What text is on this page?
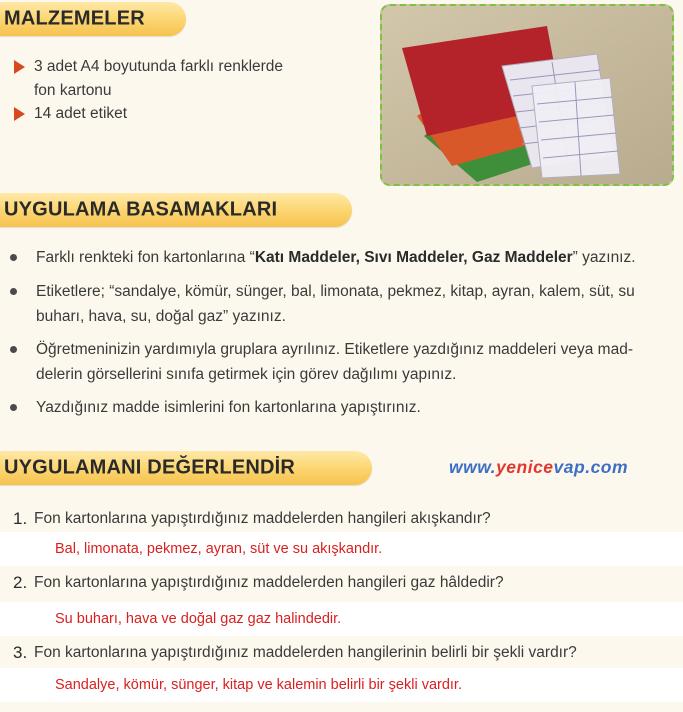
MALZEMELER
3 adet A4 boyutunda farklı renklerde
fon kartonu
14 adet etiket
UYGULAMA BASAMAKLARI
Farklı renkteki fon kartonlarına “Katı Maddeler, Sıvı Maddeler, Gaz Maddeler” yazınız.
Etiketlere; “sandalye, kömür, sünger, bal, limonata, pekmez, kitap, ayran, kalem, süt, su
buharı, hava, su, doğal gaz” yazınız.
Öğretmeninizin yardımıyla gruplara ayrılınız. Etiketlere yazdığınız maddeleri veya mad-
delerin görsellerini sınıfa getirmek için görev dağılımı yapınız.
Yazdığınız madde isimlerini fon kartonlarına yapıştırınız.
UYGULAMANI DEĞERLENDİR	www.yenicevap.com
1. Fon kartonlarına yapıştırdığınız maddelerden hangileri akışkandır?
Bal, limonata, pekmez, ayran, süt ve su akışkandır.
2. Fon kartonlarına yapıştırdığınız maddelerden hangileri gaz hâldedir?
Su buharı, hava ve doğal gaz gaz halindedir.
3. Fon kartonlarına yapıştırdığınız maddelerden hangilerinin belirli bir şekli vardır?
Sandalye, kömür, sünger, kitap ve kalemin belirli bir şekli vardır.
